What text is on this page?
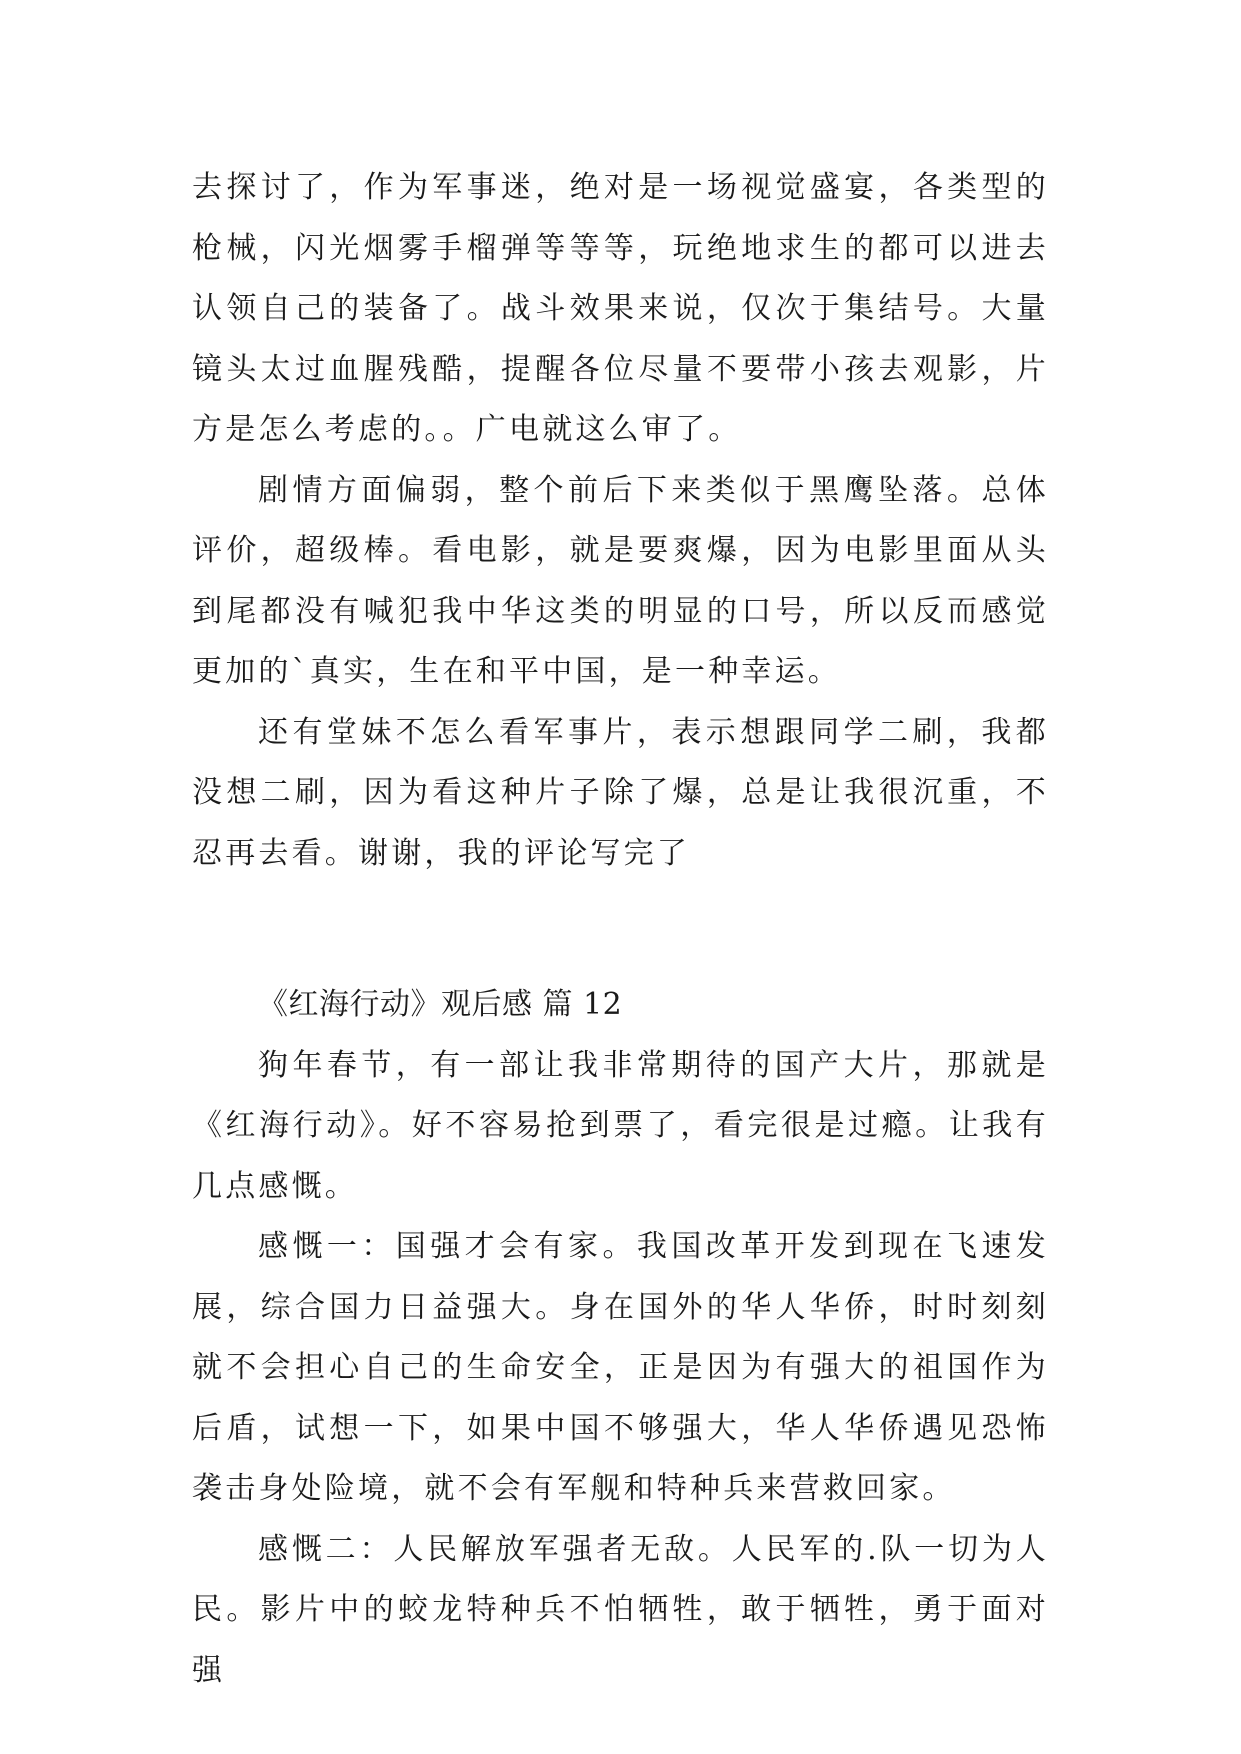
去探讨了，作为军事迷，绝对是一场视觉盛宴，各类型的枪械，闪光烟雾手榴弹等等等，玩绝地求生的都可以进去认领自己的装备了。战斗效果来说，仅次于集结号。大量镜头太过血腥残酷，提醒各位尽量不要带小孩去观影，片方是怎么考虑的。。广电就这么审了。

剧情方面偏弱，整个前后下来类似于黑鹰坠落。总体评价，超级棒。看电影，就是要爽爆，因为电影里面从头到尾都没有喊犯我中华这类的明显的口号，所以反而感觉更加的`真实，生在和平中国，是一种幸运。

还有堂妹不怎么看军事片，表示想跟同学二刷，我都没想二刷，因为看这种片子除了爆，总是让我很沉重，不忍再去看。谢谢，我的评论写完了

《红海行动》观后感 篇 12

狗年春节，有一部让我非常期待的国产大片，那就是《红海行动》。好不容易抢到票了，看完很是过瘾。让我有几点感慨。

感慨一：国强才会有家。我国改革开发到现在飞速发展，综合国力日益强大。身在国外的华人华侨，时时刻刻就不会担心自己的生命安全，正是因为有强大的祖国作为后盾，试想一下，如果中国不够强大，华人华侨遇见恐怖袭击身处险境，就不会有军舰和特种兵来营救回家。

感慨二：人民解放军强者无敌。人民军的.队一切为人民。影片中的蛟龙特种兵不怕牺牲，敢于牺牲，勇于面对强
